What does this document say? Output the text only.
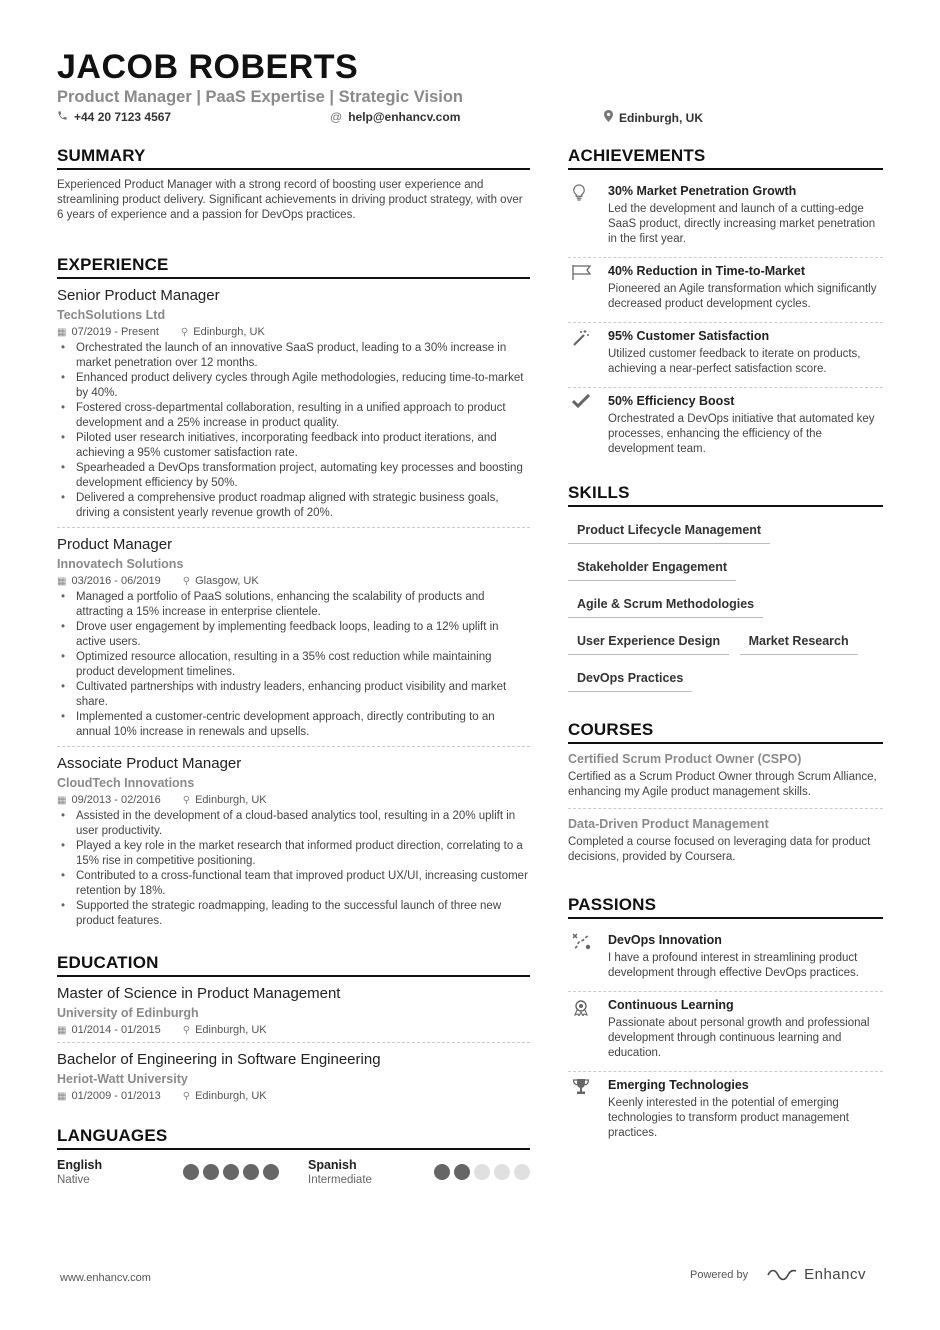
JACOB ROBERTS
Product Manager | PaaS Expertise | Strategic Vision
+44 20 7123 4567	@ help@enhancv.com	Edinburgh, UK
SUMMARY
Experienced Product Manager with a strong record of boosting user experience and streamlining product delivery. Significant achievements in driving product strategy, with over 6 years of experience and a passion for DevOps practices.
EXPERIENCE
Senior Product Manager
TechSolutions Ltd
▦ 07/2019 - Present ⚲ Edinburgh, UK
• Orchestrated the launch of an innovative SaaS product, leading to a 30% increase in market penetration over 12 months.
• Enhanced product delivery cycles through Agile methodologies, reducing time-to-market by 40%.
• Fostered cross-departmental collaboration, resulting in a unified approach to product development and a 25% increase in product quality.
• Piloted user research initiatives, incorporating feedback into product iterations, and achieving a 95% customer satisfaction rate.
• Spearheaded a DevOps transformation project, automating key processes and boosting development efficiency by 50%.
• Delivered a comprehensive product roadmap aligned with strategic business goals, driving a consistent yearly revenue growth of 20%.
Product Manager
Innovatech Solutions
▦ 03/2016 - 06/2019 ⚲ Glasgow, UK
• Managed a portfolio of PaaS solutions, enhancing the scalability of products and attracting a 15% increase in enterprise clientele.
• Drove user engagement by implementing feedback loops, leading to a 12% uplift in active users.
• Optimized resource allocation, resulting in a 35% cost reduction while maintaining product development timelines.
• Cultivated partnerships with industry leaders, enhancing product visibility and market share.
• Implemented a customer-centric development approach, directly contributing to an annual 10% increase in renewals and upsells.
Associate Product Manager
CloudTech Innovations
▦ 09/2013 - 02/2016 ⚲ Edinburgh, UK
• Assisted in the development of a cloud-based analytics tool, resulting in a 20% uplift in user productivity.
• Played a key role in the market research that informed product direction, correlating to a 15% rise in competitive positioning.
• Contributed to a cross-functional team that improved product UX/UI, increasing customer retention by 18%.
• Supported the strategic roadmapping, leading to the successful launch of three new product features.
EDUCATION
Master of Science in Product Management
University of Edinburgh
▦ 01/2014 - 01/2015 ⚲ Edinburgh, UK
Bachelor of Engineering in Software Engineering
Heriot-Watt University
▦ 01/2009 - 01/2013 ⚲ Edinburgh, UK
LANGUAGES
English
Native
Spanish
Intermediate
ACHIEVEMENTS
30% Market Penetration Growth
Led the development and launch of a cutting-edge SaaS product, directly increasing market penetration in the first year.
40% Reduction in Time-to-Market
Pioneered an Agile transformation which significantly decreased product development cycles.
95% Customer Satisfaction
Utilized customer feedback to iterate on products, achieving a near-perfect satisfaction score.
50% Efficiency Boost
Orchestrated a DevOps initiative that automated key processes, enhancing the efficiency of the development team.
SKILLS
Product Lifecycle Management
Stakeholder Engagement
Agile & Scrum Methodologies
User Experience Design Market Research
DevOps Practices
COURSES
Certified Scrum Product Owner (CSPO)
Certified as a Scrum Product Owner through Scrum Alliance, enhancing my Agile product management skills.
Data-Driven Product Management
Completed a course focused on leveraging data for product decisions, provided by Coursera.
PASSIONS
DevOps Innovation
I have a profound interest in streamlining product development through effective DevOps practices.
Continuous Learning
Passionate about personal growth and professional development through continuous learning and education.
Emerging Technologies
Keenly interested in the potential of emerging technologies to transform product management practices.
www.enhancv.com	Powered by	Enhancv
